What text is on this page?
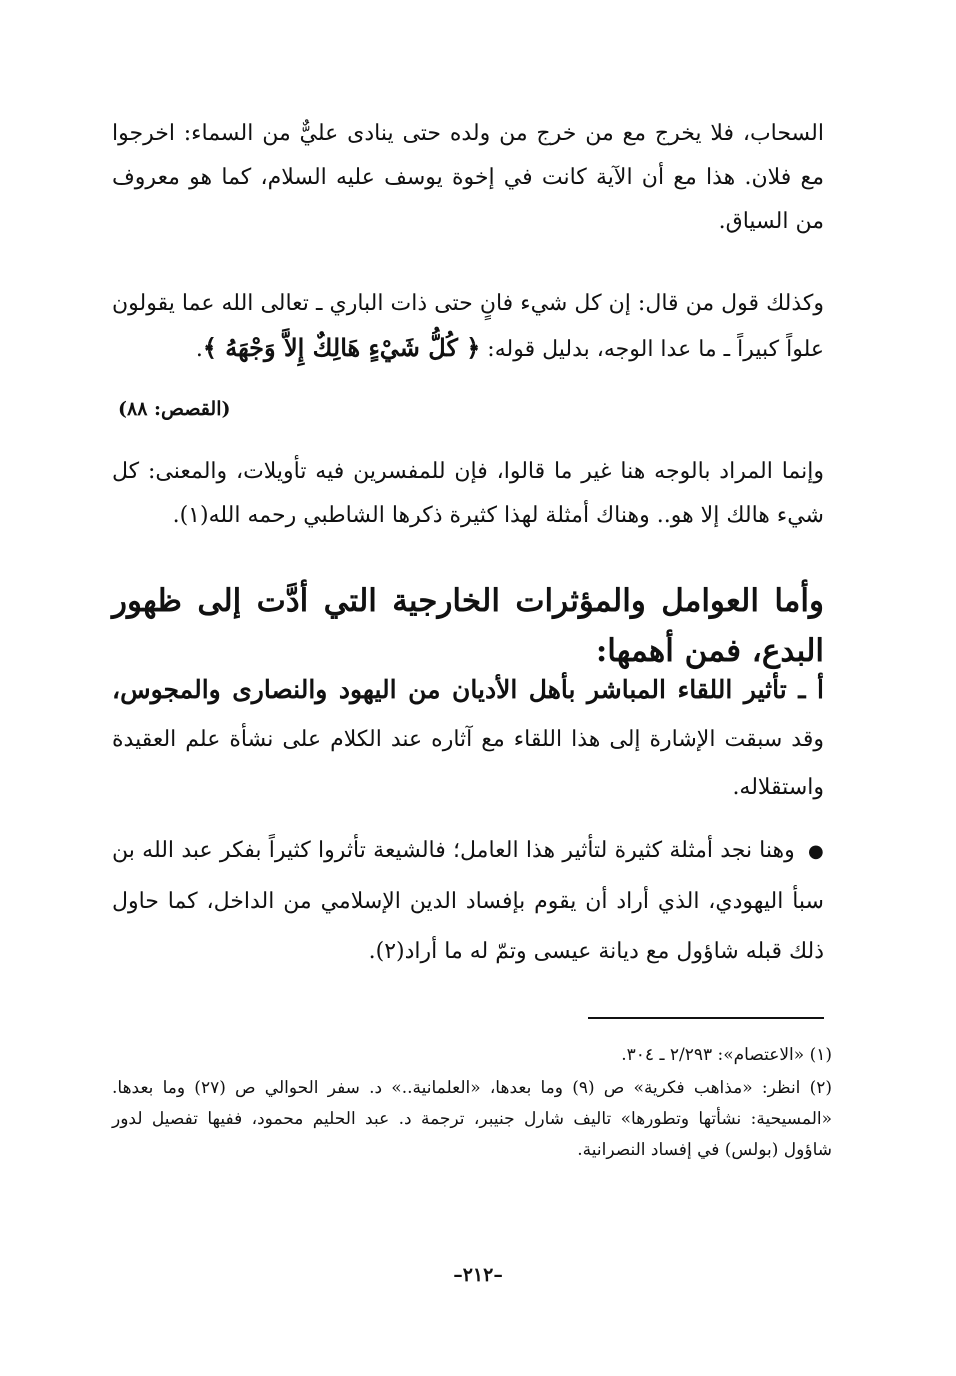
السحاب، فلا يخرج مع من خرج من ولده حتى ينادى عليٌّ من السماء: اخرجوا مع فلان. هذا مع أن الآية كانت في إخوة يوسف عليه السلام، كما هو معروف من السياق.

وكذلك قول من قال: إن كل شيء فانٍ حتى ذات الباري ـ تعالى الله عما يقولون علواً كبيراً ـ ما عدا الوجه، بدليل قوله: ﴿ كُلُّ شَيْءٍ هَالِكٌ إِلاَّ وَجْهَهُ ﴾.

(القصص: ٨٨)

وإنما المراد بالوجه هنا غير ما قالوا، فإن للمفسرين فيه تأويلات، والمعنى: كل شيء هالك إلا هو.. وهناك أمثلة لهذا كثيرة ذكرها الشاطبي رحمه الله(١).

وأما العوامل والمؤثرات الخارجية التي أدَّت إلى ظهور البدع، فمن أهمها:

أ ـ تأثير اللقاء المباشر بأهل الأديان من اليهود والنصارى والمجوس، وقد سبقت الإشارة إلى هذا اللقاء مع آثاره عند الكلام على نشأة علم العقيدة واستقلاله.

● وهنا نجد أمثلة كثيرة لتأثير هذا العامل؛ فالشيعة تأثروا كثيراً بفكر عبد الله بن سبأ اليهودي، الذي أراد أن يقوم بإفساد الدين الإسلامي من الداخل، كما حاول ذلك قبله شاؤول مع ديانة عيسى وتمّ له ما أراد(٢).

(١) «الاعتصام»: ٢/٢٩٣ ـ ٣٠٤.

(٢) انظر: «مذاهب فكرية» ص (٩) وما بعدها، «العلمانية..» د. سفر الحوالي ص (٢٧) وما بعدها. «المسيحية: نشأتها وتطورها» تاليف شارل جنيبر، ترجمة د. عبد الحليم محمود، ففيها تفصيل لدور شاؤول (بولس) في إفساد النصرانية.

–٢١٢–
